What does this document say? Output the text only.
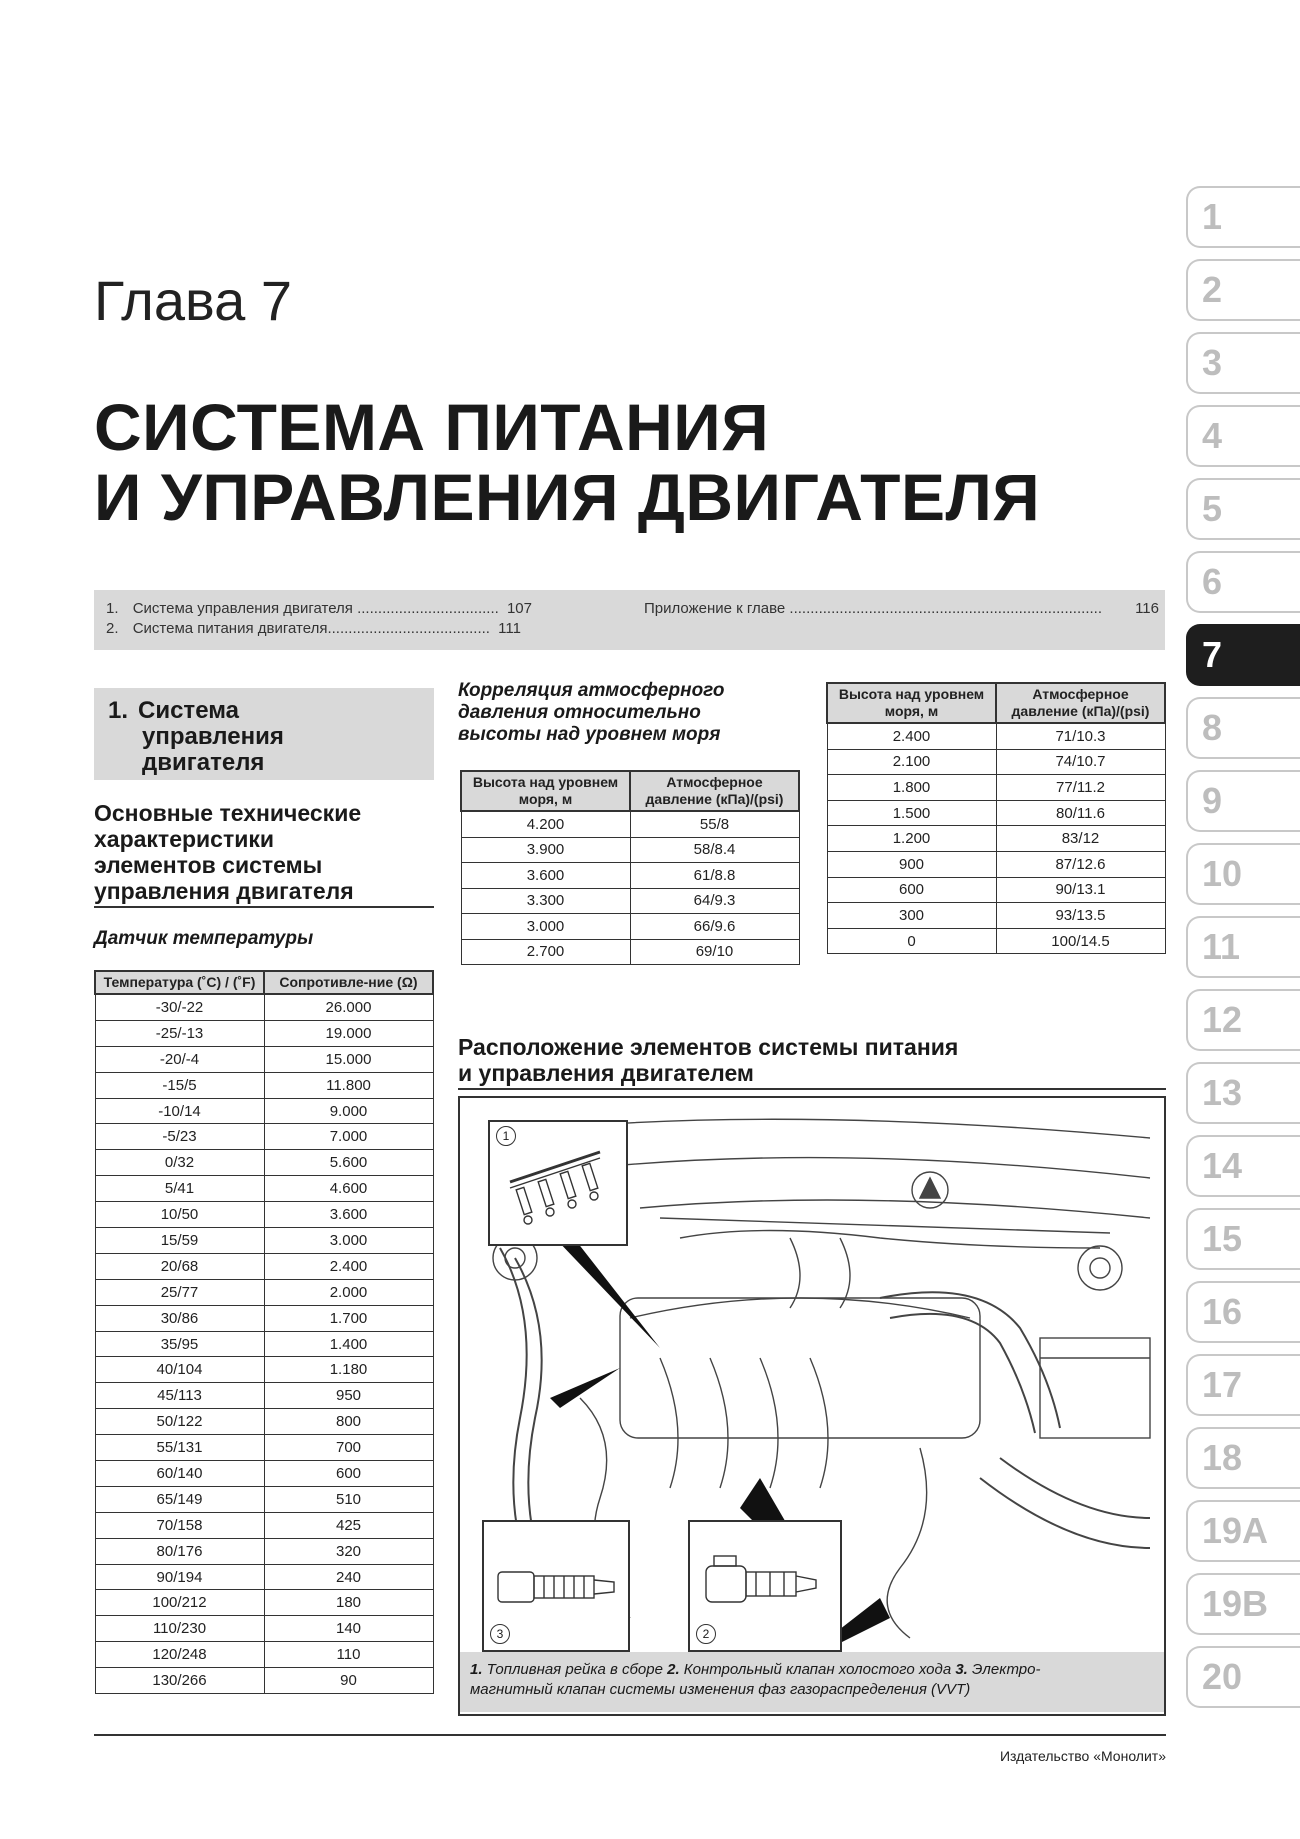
Глава 7
СИСТЕМА ПИТАНИЯ
И УПРАВЛЕНИЯ ДВИГАТЕЛЯ
1. Система управления двигателя .................................. 107
2. Система питания двигателя....................................... 111
Приложение к главе ........................................................................... 116
1
2
3
4
5
6
7
8
9
10
11
12
13
14
15
16
17
18
19A
19B
20
1. Система
управления
двигателя
Основные технические
характеристики
элементов системы
управления двигателя
Датчик температуры
Температура (˚C) / (˚F)	Сопротивле-ние (Ω)
-30/-22	26.000
-25/-13	19.000
-20/-4	15.000
-15/5	11.800
-10/14	9.000
-5/23	7.000
0/32	5.600
5/41	4.600
10/50	3.600
15/59	3.000
20/68	2.400
25/77	2.000
30/86	1.700
35/95	1.400
40/104	1.180
45/113	950
50/122	800
55/131	700
60/140	600
65/149	510
70/158	425
80/176	320
90/194	240
100/212	180
110/230	140
120/248	110
130/266	90
Корреляция атмосферного
давления относительно
высоты над уровнем моря
Высота над уровнем моря, м	Атмосферное давление (кПа)/(psi)
4.200	55/8
3.900	58/8.4
3.600	61/8.8
3.300	64/9.3
3.000	66/9.6
2.700	69/10
Высота над уровнем моря, м	Атмосферное давление (кПа)/(psi)
2.400	71/10.3
2.100	74/10.7
1.800	77/11.2
1.500	80/11.6
1.200	83/12
900	87/12.6
600	90/13.1
300	93/13.5
0	100/14.5
Расположение элементов системы питания
и управления двигателем
1
3	2
1. Топливная рейка в сборе 2. Контрольный клапан холостого хода 3. Электро-
магнитный клапан системы изменения фаз газораспределения (VVT)
Издательство «Монолит»
